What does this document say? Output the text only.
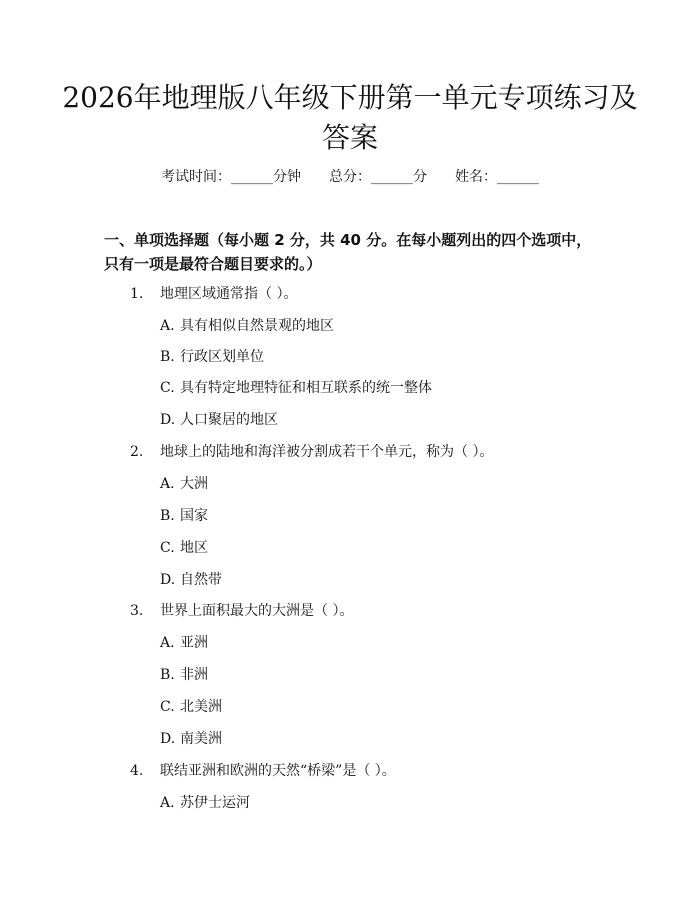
2026年地理版八年级下册第一单元专项练习及答案
考试时间：______分钟 总分：______分 姓名：______
一、单项选择题（每小题 2 分，共 40 分。在每小题列出的四个选项中，只有一项是最符合题目要求的。）
1. 地理区域通常指（ ）。
A. 具有相似自然景观的地区
B. 行政区划单位
C. 具有特定地理特征和相互联系的统一整体
D. 人口聚居的地区
2. 地球上的陆地和海洋被分割成若干个单元，称为（ ）。
A. 大洲
B. 国家
C. 地区
D. 自然带
3. 世界上面积最大的大洲是（ ）。
A. 亚洲
B. 非洲
C. 北美洲
D. 南美洲
4. 联结亚洲和欧洲的天然“桥梁”是（ ）。
A. 苏伊士运河
